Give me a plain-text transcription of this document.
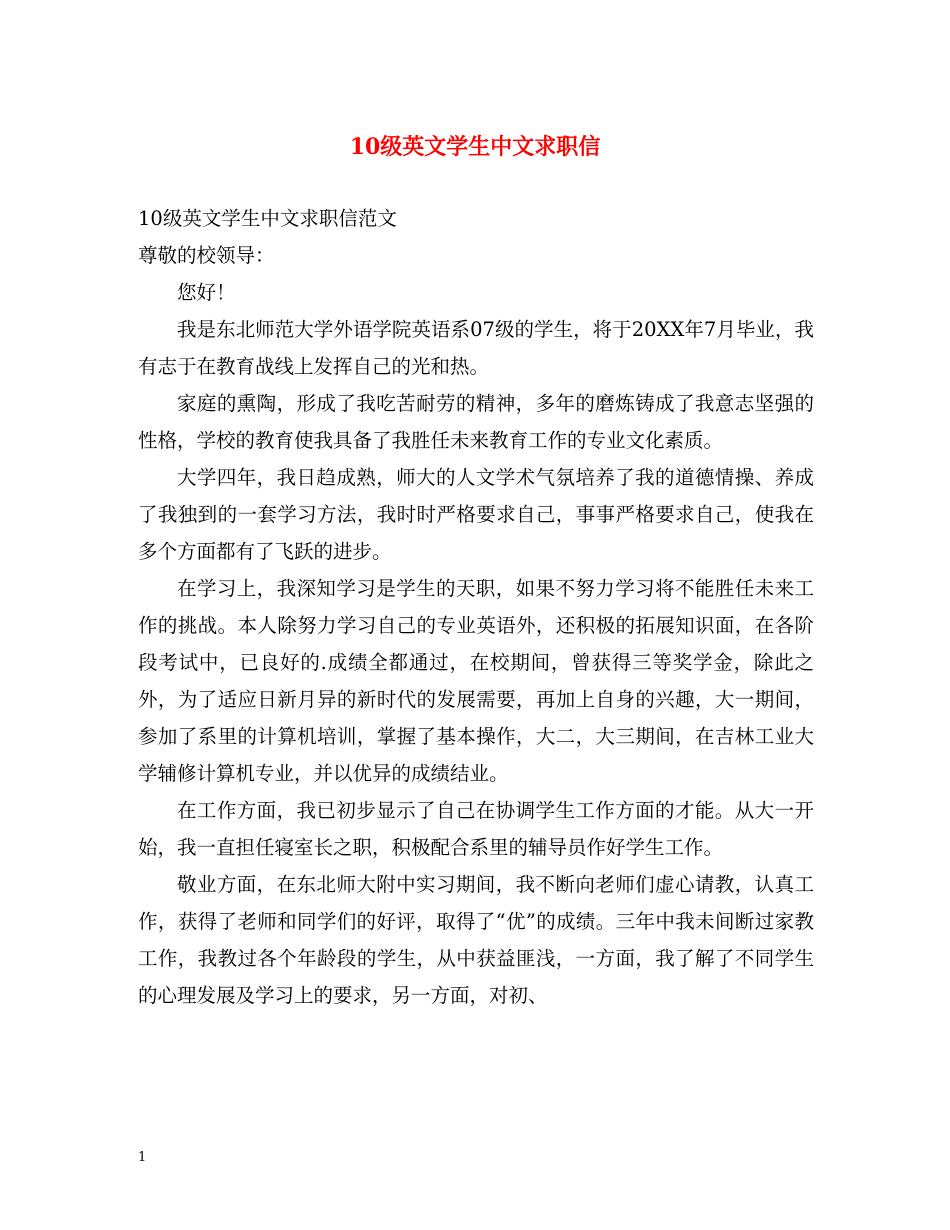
10级英文学生中文求职信

10级英文学生中文求职信范文

尊敬的校领导：

您好！

我是东北师范大学外语学院英语系07级的学生，将于20XX年7月毕业，我有志于在教育战线上发挥自己的光和热。

家庭的熏陶，形成了我吃苦耐劳的精神，多年的磨炼铸成了我意志坚强的性格，学校的教育使我具备了我胜任未来教育工作的专业文化素质。

大学四年，我日趋成熟，师大的人文学术气氛培养了我的道德情操、养成了我独到的一套学习方法，我时时严格要求自己，事事严格要求自己，使我在多个方面都有了飞跃的进步。

在学习上，我深知学习是学生的天职，如果不努力学习将不能胜任未来工作的挑战。本人除努力学习自己的专业英语外，还积极的拓展知识面，在各阶段考试中，已良好的.成绩全都通过，在校期间，曾获得三等奖学金，除此之外，为了适应日新月异的新时代的发展需要，再加上自身的兴趣，大一期间，参加了系里的计算机培训，掌握了基本操作，大二，大三期间，在吉林工业大学辅修计算机专业，并以优异的成绩结业。

在工作方面，我已初步显示了自己在协调学生工作方面的才能。从大一开始，我一直担任寝室长之职，积极配合系里的辅导员作好学生工作。

敬业方面，在东北师大附中实习期间，我不断向老师们虚心请教，认真工作，获得了老师和同学们的好评，取得了“优”的成绩。三年中我未间断过家教工作，我教过各个年龄段的学生，从中获益匪浅，一方面，我了解了不同学生的心理发展及学习上的要求，另一方面，对初、

1
